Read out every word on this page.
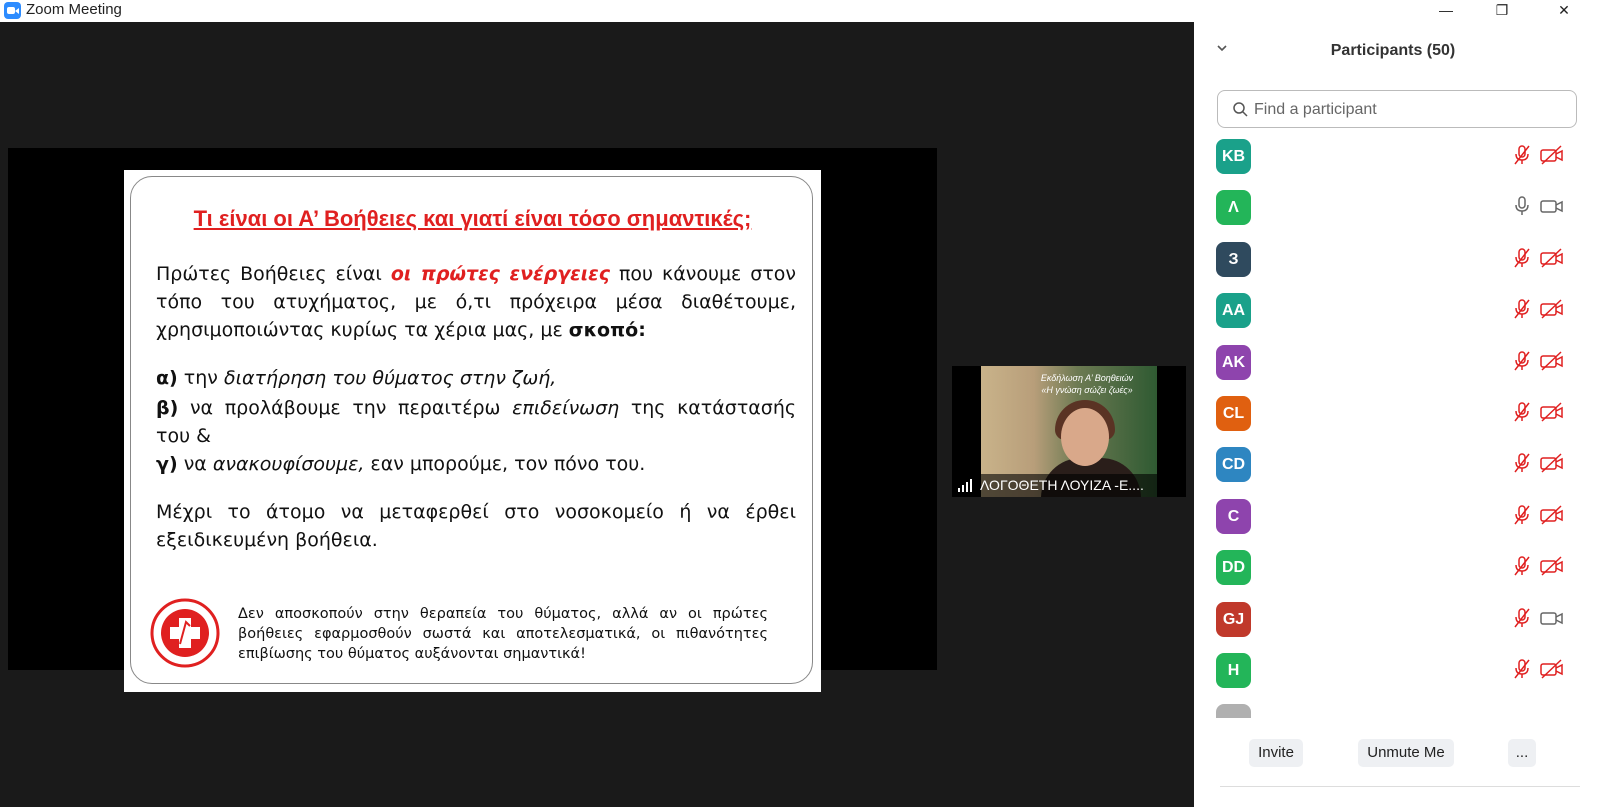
Zoom Meeting
Τι είναι οι Α’ Βοήθειες και γιατί είναι τόσο σημαντικές;
Πρώτες Βοήθειες είναι οι πρώτες ενέργειες που κάνουμε στον τόπο του ατυχήματος, με ό,τι πρόχειρα μέσα διαθέτουμε, χρησιμοποιώντας κυρίως τα χέρια μας, με σκοπό:
α) την διατήρηση του θύματος στην ζωή,
β) να προλάβουμε την περαιτέρω επιδείνωση της κατάστασής του &
γ) να ανακουφίσουμε, εαν μπορούμε, τον πόνο του.
Μέχρι το άτομο να μεταφερθεί στο νοσοκομείο ή να έρθει εξειδικευμένη βοήθεια.
Δεν αποσκοπούν στην θεραπεία του θύματος, αλλά αν οι πρώτες βοήθειες εφαρμοσθούν σωστά και αποτελεσματικά, οι πιθανότητες επιβίωσης του θύματος αυξάνονται σημαντικά!
Εκδήλωση Α’ Βοηθειών
«Η γνώση σώζει ζωές»
ΛΟΓΟΘΕΤΗ ΛΟΥΙΖΑ -Ε....
—	❐	✕
Participants (50)
Find a participant
KB
Λ
З
AA
AK
CL
CD
C
DD
GJ
H
Invite	Unmute Me	...
